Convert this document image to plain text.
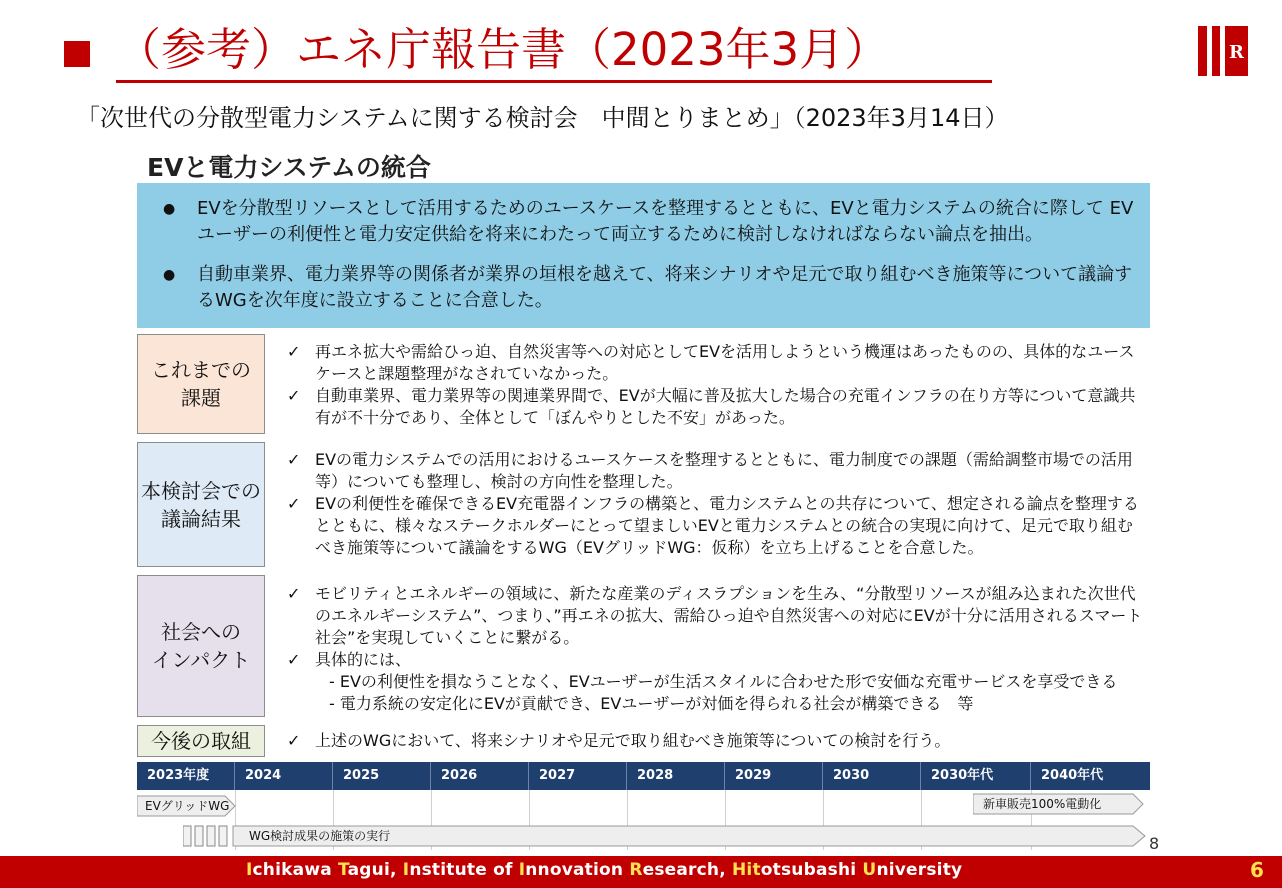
（参考）エネ庁報告書（2023年3月）	R
「次世代の分散型電力システムに関する検討会　中間とりまとめ」（2023年3月14日）
EVと電力システムの統合
● EVを分散型リソースとして活用するためのユースケースを整理するとともに、EVと電力システムの統合に際して EVユーザーの利便性と電力安定供給を将来にわたって両立するために検討しなければならない論点を抽出。
● 自動車業界、電力業界等の関係者が業界の垣根を越えて、将来シナリオや足元で取り組むべき施策等について議論するWGを次年度に設立することに合意した。
これまでの
課題
✓ 再エネ拡大や需給ひっ迫、自然災害等への対応としてEVを活用しようという機運はあったものの、具体的なユースケースと課題整理がなされていなかった。
✓ 自動車業界、電力業界等の関連業界間で、EVが大幅に普及拡大した場合の充電インフラの在り方等について意識共有が不十分であり、全体として「ぼんやりとした不安」があった。
本検討会での
議論結果
✓ EVの電力システムでの活用におけるユースケースを整理するとともに、電力制度での課題（需給調整市場での活用等）についても整理し、検討の方向性を整理した。
✓ EVの利便性を確保できるEV充電器インフラの構築と、電力システムとの共存について、想定される論点を整理するとともに、様々なステークホルダーにとって望ましいEVと電力システムとの統合の実現に向けて、足元で取り組むべき施策等について議論をするWG（EVグリッドWG：仮称）を立ち上げることを合意した。
社会への
インパクト
✓ モビリティとエネルギーの領域に、新たな産業のディスラプションを生み、“分散型リソースが組み込まれた次世代のエネルギーシステム”、つまり、”再エネの拡大、需給ひっ迫や自然災害への対応にEVが十分に活用されるスマート社会”を実現していくことに繋がる。
✓ 具体的には、
- EVの利便性を損なうことなく、EVユーザーが生活スタイルに合わせた形で安価な充電サービスを享受できる
- 電力系統の安定化にEVが貢献でき、EVユーザーが対価を得られる社会が構築できる　等
今後の取組 ✓ 上述のWGにおいて、将来シナリオや足元で取り組むべき施策等についての検討を行う。
2023年度	2024	2025	2026	2027	2028	2029	2030	2030年代	2040年代
EVグリッドWG	新車販売100%電動化
WG検討成果の施策の実行	8
Ichikawa Tagui, Institute of Innovation Research, Hitotsubashi University	6
